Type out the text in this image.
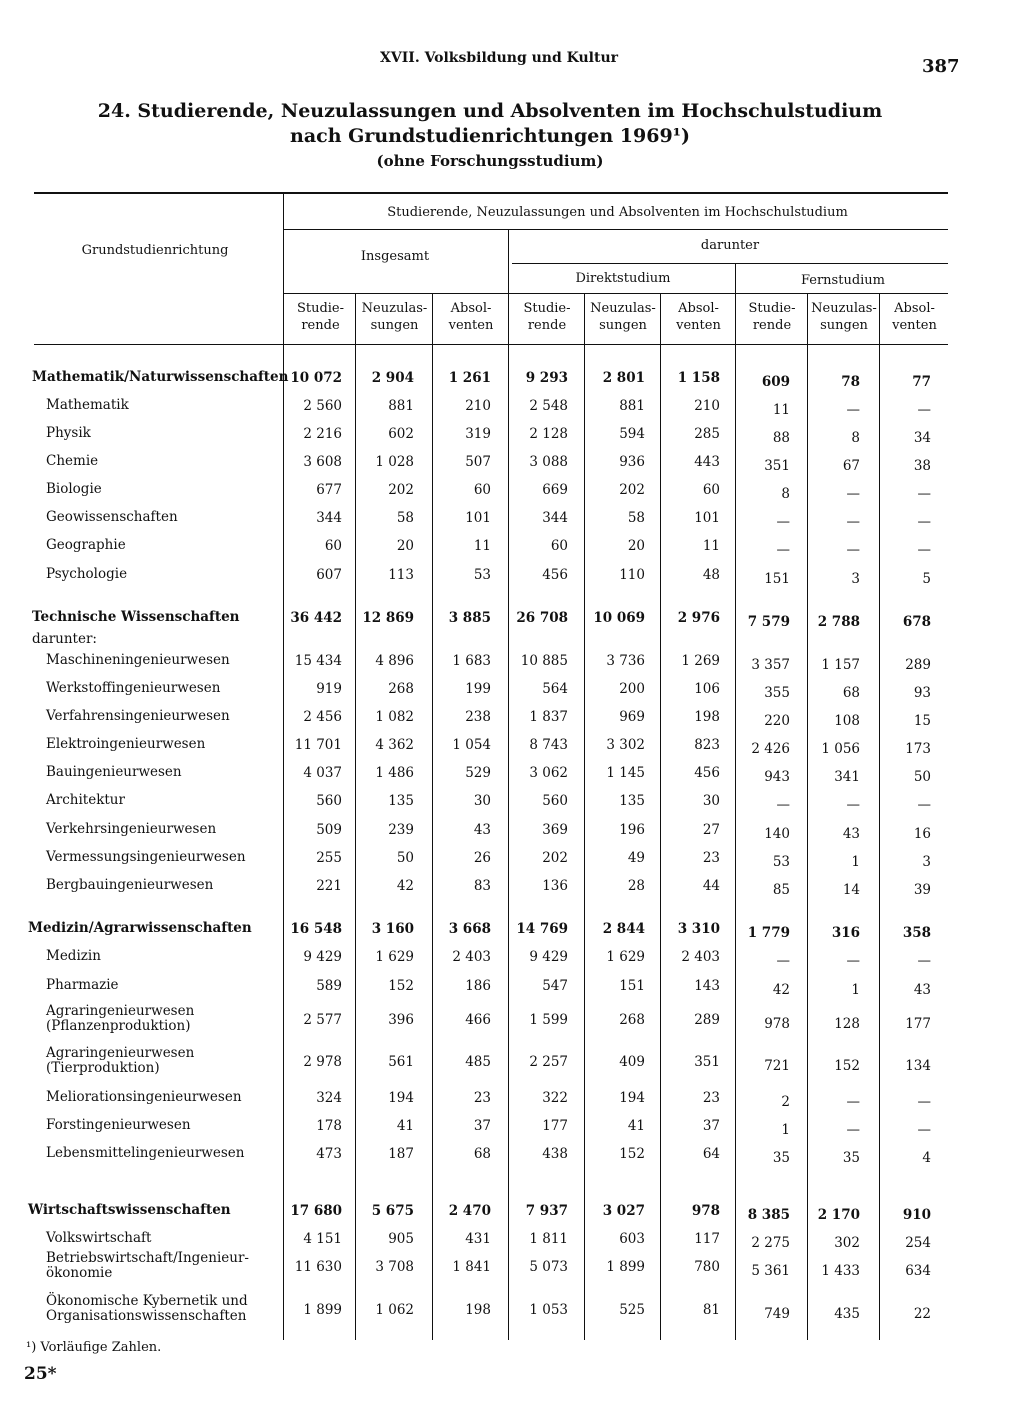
XVII. Volksbildung und Kultur	387
24. Studierende, Neuzulassungen und Absolventen im Hochschulstudium
nach Grundstudienrichtungen 1969¹)
(ohne Forschungsstudium)
Grundstudienrichtung
Studierende, Neuzulassungen und Absolventen im Hochschulstudium
Insgesamt
darunter
Direktstudium	Fernstudium
Studie-
rende
Neuzulas-
sungen
Absol-
venten
Studie-
rende
Neuzulas-
sungen
Absol-
venten
Studie-
rende
Neuzulas-
sungen
Absol-
venten
Mathematik/Naturwissenschaften 10 072	2 904	1 261	9 293	2 801	1 158	609	78	77
Mathematik	2 560	881	210	2 548	881	210	11	—	—
Physik	2 216	602	319	2 128	594	285	88	8	34
Chemie	3 608	1 028	507	3 088	936	443	351	67	38
Biologie	677	202	60	669	202	60	8	—	—
Geowissenschaften	344	58	101	344	58	101	—	—	—
Geographie	60	20	11	60	20	11	—	—	—
Psychologie	607	113	53	456	110	48	151	3	5
Technische Wissenschaften	36 442	12 869	3 885	26 708	10 069	2 976	7 579	2 788	678
darunter:
Maschineningenieurwesen	15 434	4 896	1 683	10 885	3 736	1 269	3 357	1 157	289
Werkstoffingenieurwesen	919	268	199	564	200	106	355	68	93
Verfahrensingenieurwesen	2 456	1 082	238	1 837	969	198	220	108	15
Elektroingenieurwesen	11 701	4 362	1 054	8 743	3 302	823	2 426	1 056	173
Bauingenieurwesen	4 037	1 486	529	3 062	1 145	456	943	341	50
Architektur	560	135	30	560	135	30	—	—	—
Verkehrsingenieurwesen	509	239	43	369	196	27	140	43	16
Vermessungsingenieurwesen	255	50	26	202	49	23	53	1	3
Bergbauingenieurwesen	221	42	83	136	28	44	85	14	39
Medizin/Agrarwissenschaften	16 548	3 160	3 668	14 769	2 844	3 310	1 779	316	358
Medizin	9 429	1 629	2 403	9 429	1 629	2 403	—	—	—
Pharmazie	589	152	186	547	151	143	42	1	43
Agraringenieurwesen
(Pflanzenproduktion)	2 577	396	466	1 599	268	289	978	128	177
Agraringenieurwesen
(Tierproduktion)	2 978	561	485	2 257	409	351	721	152	134
Meliorationsingenieurwesen	324	194	23	322	194	23	2	—	—
Forstingenieurwesen	178	41	37	177	41	37	1	—	—
Lebensmittelingenieurwesen	473	187	68	438	152	64	35	35	4
Wirtschaftswissenschaften	17 680	5 675	2 470	7 937	3 027	978	8 385	2 170	910
Volkswirtschaft	4 151	905	431	1 811	603	117	2 275	302	254
Betriebswirtschaft/Ingenieur-
ökonomie	11 630	3 708	1 841	5 073	1 899	780	5 361	1 433	634
Ökonomische Kybernetik und
Organisationswissenschaften	1 899	1 062	198	1 053	525	81	749	435	22
¹) Vorläufige Zahlen.
25*
